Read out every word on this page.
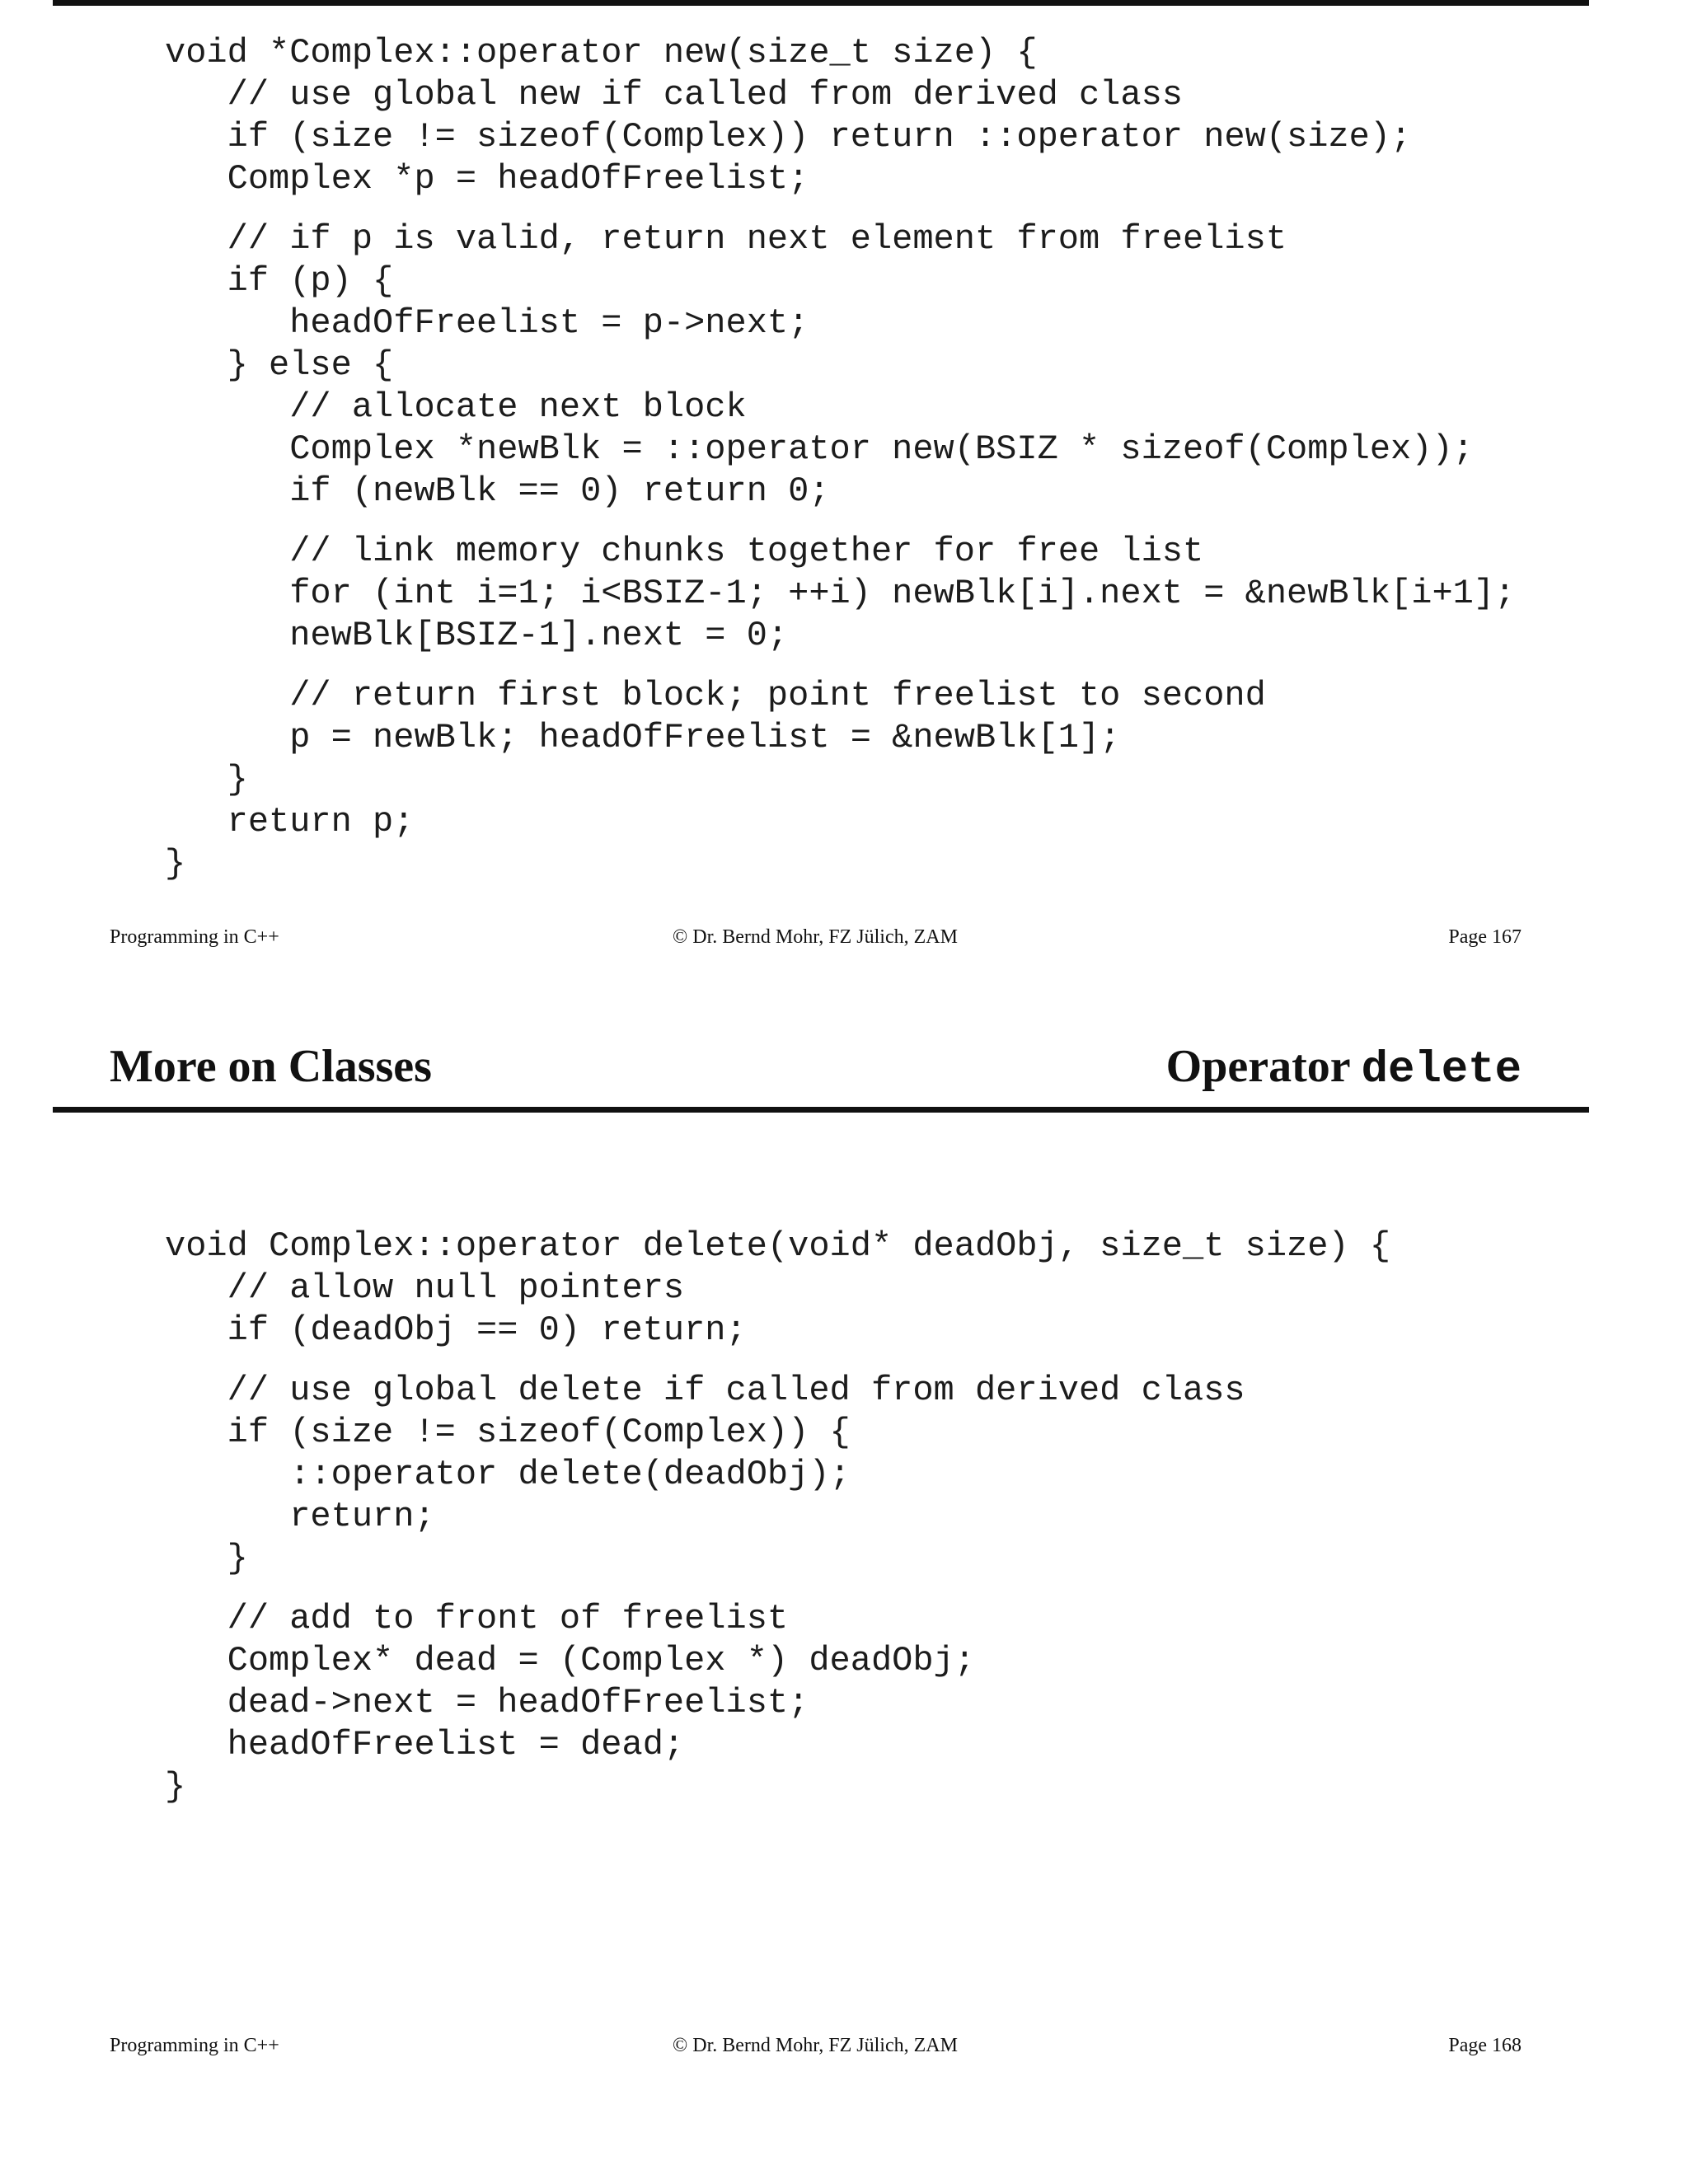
void *Complex::operator new(size_t size) {

// use global new if called from derived class

if (size != sizeof(Complex)) return ::operator new(size);

Complex *p = headOfFreelist;

// if p is valid, return next element from freelist

if (p) {

headOfFreelist = p->next;

} else {

// allocate next block

Complex *newBlk = ::operator new(BSIZ * sizeof(Complex));

if (newBlk == 0) return 0;

// link memory chunks together for free list

for (int i=1; i<BSIZ-1; ++i) newBlk[i].next = &newBlk[i+1];

newBlk[BSIZ-1].next = 0;

// return first block; point freelist to second

p = newBlk; headOfFreelist = &newBlk[1];

}

return p;

}

Programming in C++	© Dr. Bernd Mohr, FZ Jülich, ZAM	Page 167
More on Classes	Operator delete

void Complex::operator delete(void* deadObj, size_t size) {

// allow null pointers

if (deadObj == 0) return;

// use global delete if called from derived class

if (size != sizeof(Complex)) {

::operator delete(deadObj);

return;

}

// add to front of freelist

Complex* dead = (Complex *) deadObj;

dead->next = headOfFreelist;

headOfFreelist = dead;

}

Programming in C++	© Dr. Bernd Mohr, FZ Jülich, ZAM	Page 168
